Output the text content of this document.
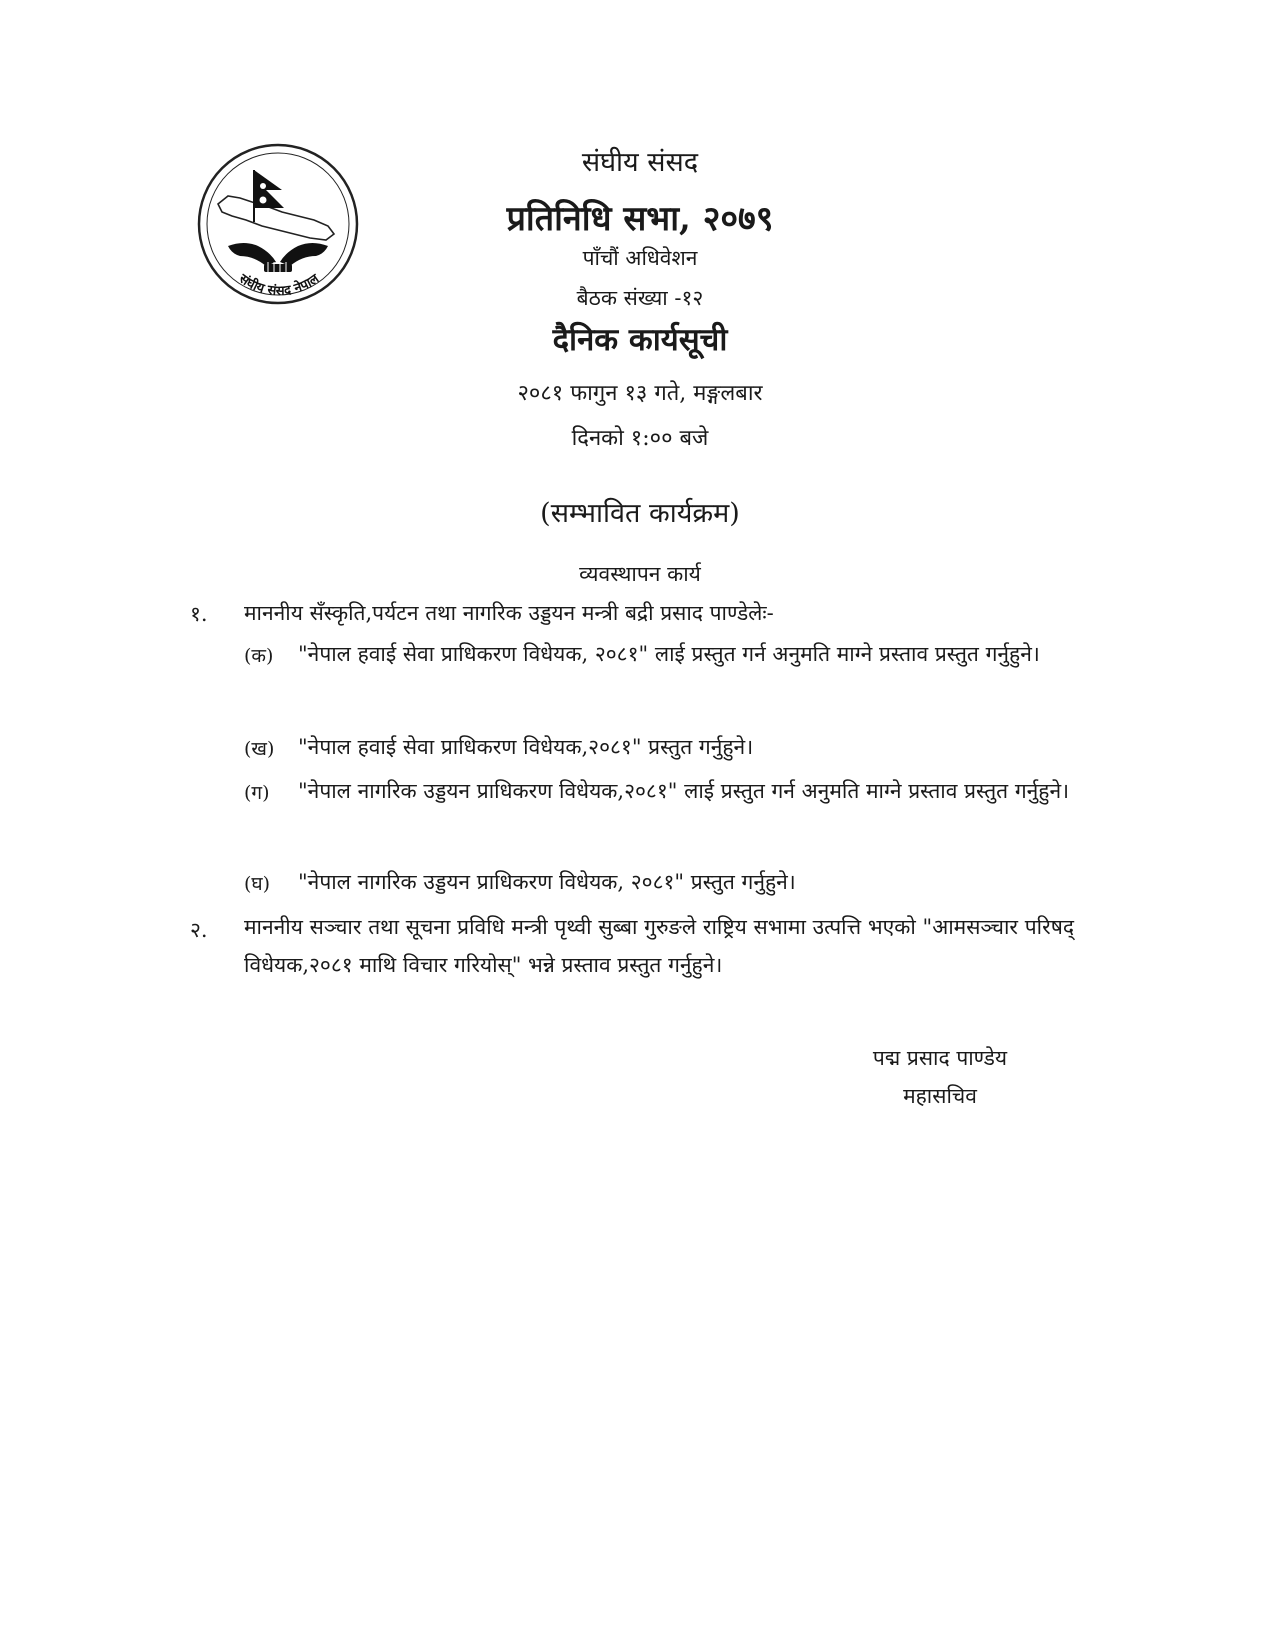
संघीय संसद नेपाल
संघीय संसद
प्रतिनिधि सभा, २०७९
पाँचौं अधिवेशन
बैठक संख्या -१२
दैनिक कार्यसूची
२०८१ फागुन १३ गते, मङ्गलबार
दिनको १:०० बजे
(सम्भावित कार्यक्रम)
व्यवस्थापन कार्य
१. माननीय सँस्कृति,पर्यटन तथा नागरिक उड्डयन मन्त्री बद्री प्रसाद पाण्डेलेः-
(क) "नेपाल हवाई सेवा प्राधिकरण विधेयक, २०८१" लाई प्रस्तुत गर्न अनुमति माग्ने प्रस्ताव प्रस्तुत गर्नुहुने।
(ख) "नेपाल हवाई सेवा प्राधिकरण विधेयक,२०८१" प्रस्तुत गर्नुहुने।
(ग) "नेपाल नागरिक उड्डयन प्राधिकरण विधेयक,२०८१" लाई प्रस्तुत गर्न अनुमति माग्ने प्रस्ताव प्रस्तुत गर्नुहुने।
(घ) "नेपाल नागरिक उड्डयन प्राधिकरण विधेयक, २०८१" प्रस्तुत गर्नुहुने।
२. माननीय सञ्चार तथा सूचना प्रविधि मन्त्री पृथ्वी सुब्बा गुरुङले राष्ट्रिय सभामा उत्पत्ति भएको "आमसञ्चार परिषद् विधेयक,२०८१ माथि विचार गरियोस्" भन्ने प्रस्ताव प्रस्तुत गर्नुहुने।
पद्म प्रसाद पाण्डेय
महासचिव
